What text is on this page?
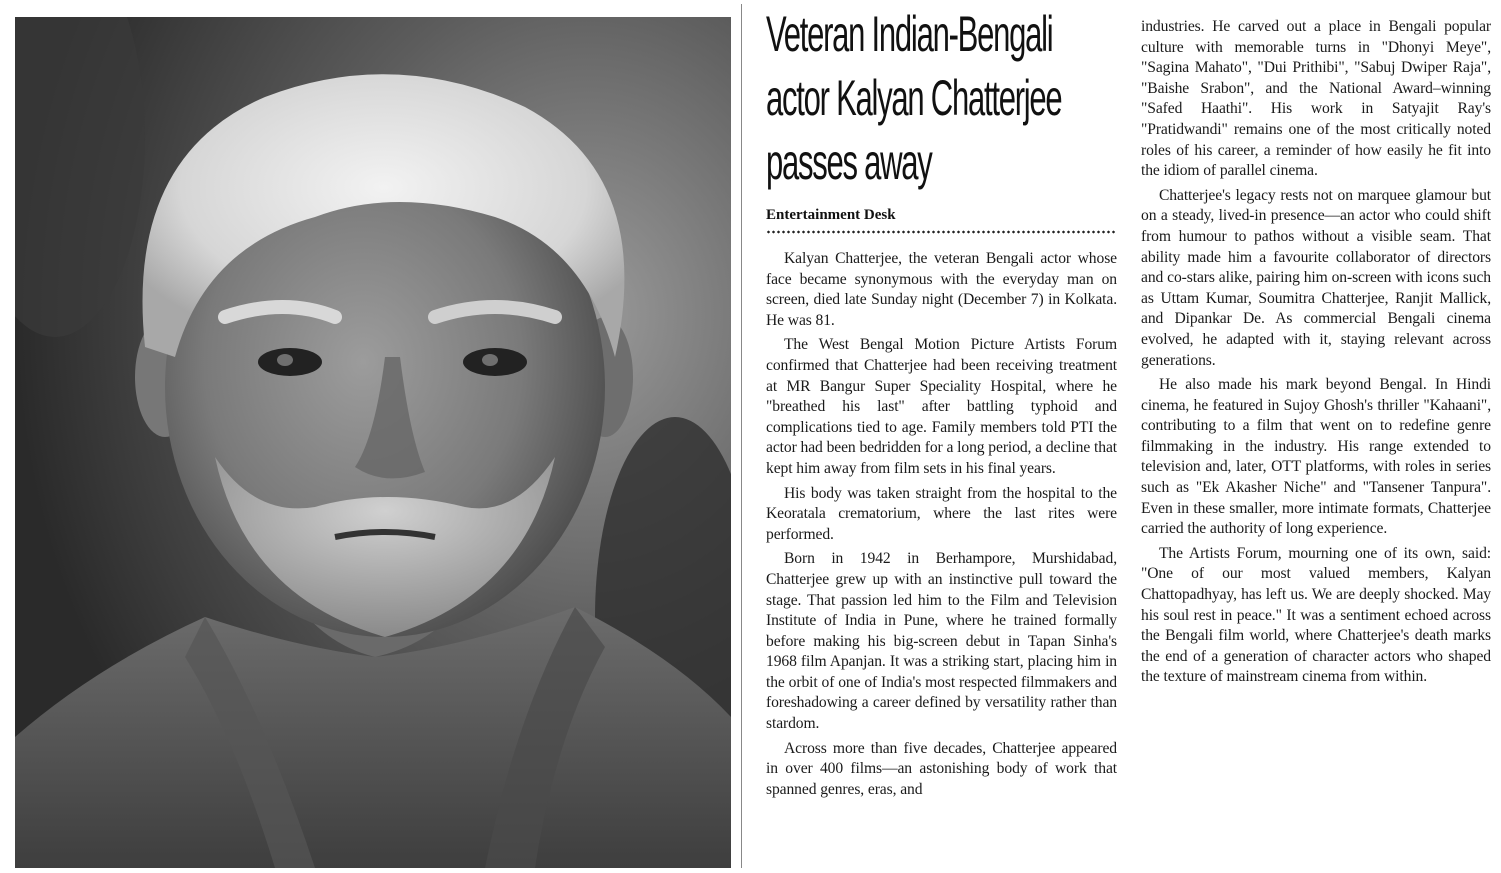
Veteran Indian-Bengali
actor Kalyan Chatterjee
passes away
Entertainment Desk

Kalyan Chatterjee, the veteran Bengali actor whose face became synonymous with the everyday man on screen, died late Sunday night (December 7) in Kolkata. He was 81.

The West Bengal Motion Picture Artists Forum confirmed that Chatterjee had been receiving treatment at MR Bangur Super Speciality Hospital, where he "breathed his last" after battling typhoid and complications tied to age. Family members told PTI the actor had been bedridden for a long period, a decline that kept him away from film sets in his final years.

His body was taken straight from the hospital to the Keoratala crematorium, where the last rites were performed.

Born in 1942 in Berhampore, Murshidabad, Chatterjee grew up with an instinctive pull toward the stage. That passion led him to the Film and Television Institute of India in Pune, where he trained formally before making his big-screen debut in Tapan Sinha's 1968 film Apanjan. It was a striking start, placing him in the orbit of one of India's most respected filmmakers and foreshadowing a career defined by versatility rather than stardom.

Across more than five decades, Chatterjee appeared in over 400 films—an astonishing body of work that spanned genres, eras, and

industries. He carved out a place in Bengali popular culture with memorable turns in "Dhonyi Meye", "Sagina Mahato", "Dui Prithibi", "Sabuj Dwiper Raja", "Baishe Srabon", and the National Award–winning "Safed Haathi". His work in Satyajit Ray's "Pratidwandi" remains one of the most critically noted roles of his career, a reminder of how easily he fit into the idiom of parallel cinema.

Chatterjee's legacy rests not on marquee glamour but on a steady, lived-in presence—an actor who could shift from humour to pathos without a visible seam. That ability made him a favourite collaborator of directors and co-stars alike, pairing him on-screen with icons such as Uttam Kumar, Soumitra Chatterjee, Ranjit Mallick, and Dipankar De. As commercial Bengali cinema evolved, he adapted with it, staying relevant across generations.

He also made his mark beyond Bengal. In Hindi cinema, he featured in Sujoy Ghosh's thriller "Kahaani", contributing to a film that went on to redefine genre filmmaking in the industry. His range extended to television and, later, OTT platforms, with roles in series such as "Ek Akasher Niche" and "Tansener Tanpura". Even in these smaller, more intimate formats, Chatterjee carried the authority of long experience.

The Artists Forum, mourning one of its own, said: "One of our most valued members, Kalyan Chattopadhyay, has left us. We are deeply shocked. May his soul rest in peace." It was a sentiment echoed across the Bengali film world, where Chatterjee's death marks the end of a generation of character actors who shaped the texture of mainstream cinema from within.
